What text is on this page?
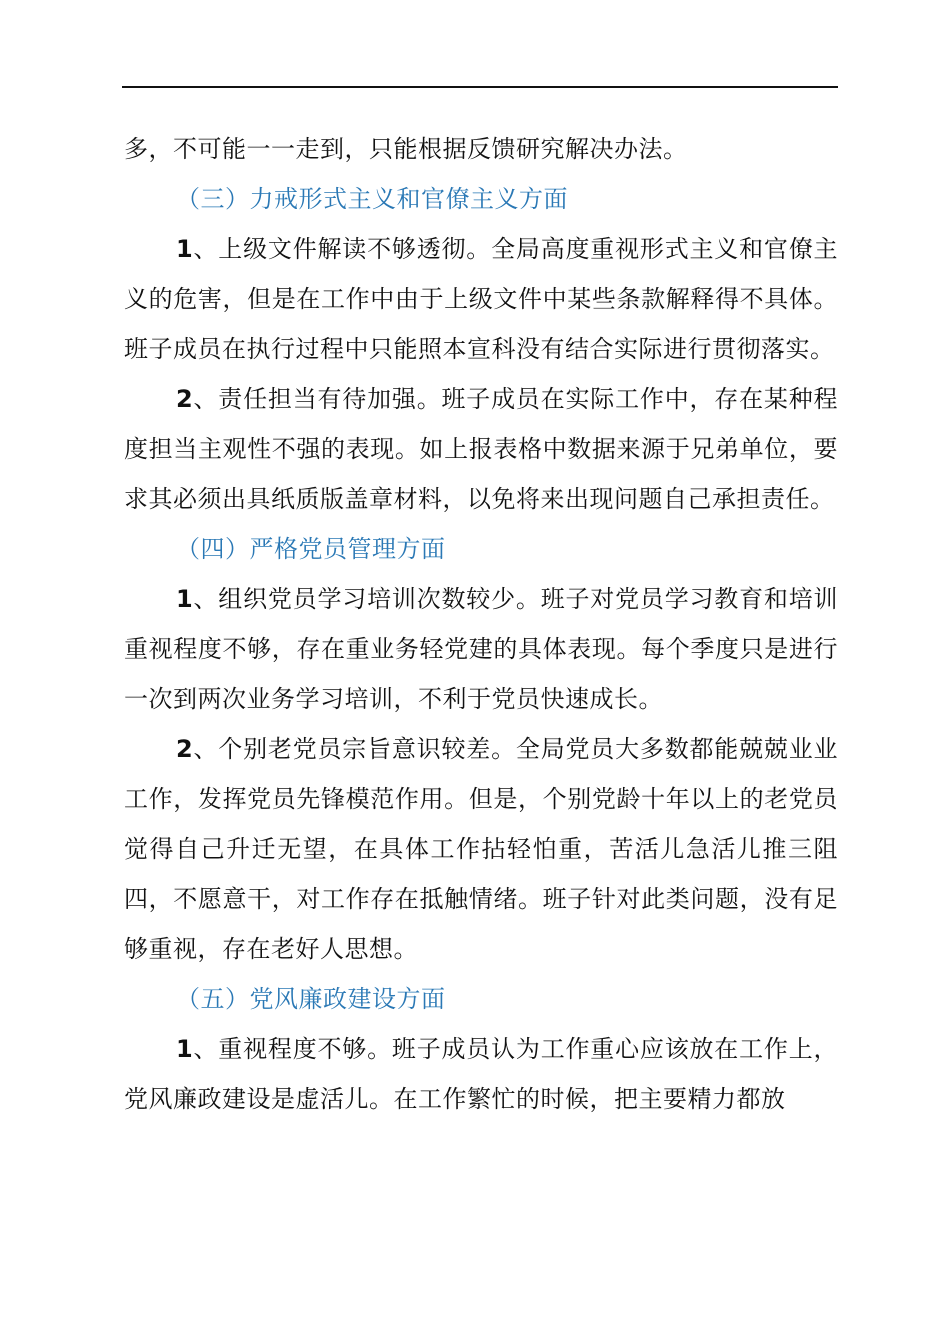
多，不可能一一走到，只能根据反馈研究解决办法。

（三）力戒形式主义和官僚主义方面

1、上级文件解读不够透彻。全局高度重视形式主义和官僚主义的危害，但是在工作中由于上级文件中某些条款解释得不具体。班子成员在执行过程中只能照本宣科没有结合实际进行贯彻落实。

2、责任担当有待加强。班子成员在实际工作中，存在某种程度担当主观性不强的表现。如上报表格中数据来源于兄弟单位，要求其必须出具纸质版盖章材料，以免将来出现问题自己承担责任。

（四）严格党员管理方面

1、组织党员学习培训次数较少。班子对党员学习教育和培训重视程度不够，存在重业务轻党建的具体表现。每个季度只是进行一次到两次业务学习培训，不利于党员快速成长。

2、个别老党员宗旨意识较差。全局党员大多数都能兢兢业业工作，发挥党员先锋模范作用。但是，个别党龄十年以上的老党员觉得自己升迁无望，在具体工作拈轻怕重，苦活儿急活儿推三阻四，不愿意干，对工作存在抵触情绪。班子针对此类问题，没有足够重视，存在老好人思想。

（五）党风廉政建设方面

1、重视程度不够。班子成员认为工作重心应该放在工作上，党风廉政建设是虚活儿。在工作繁忙的时候，把主要精力都放
